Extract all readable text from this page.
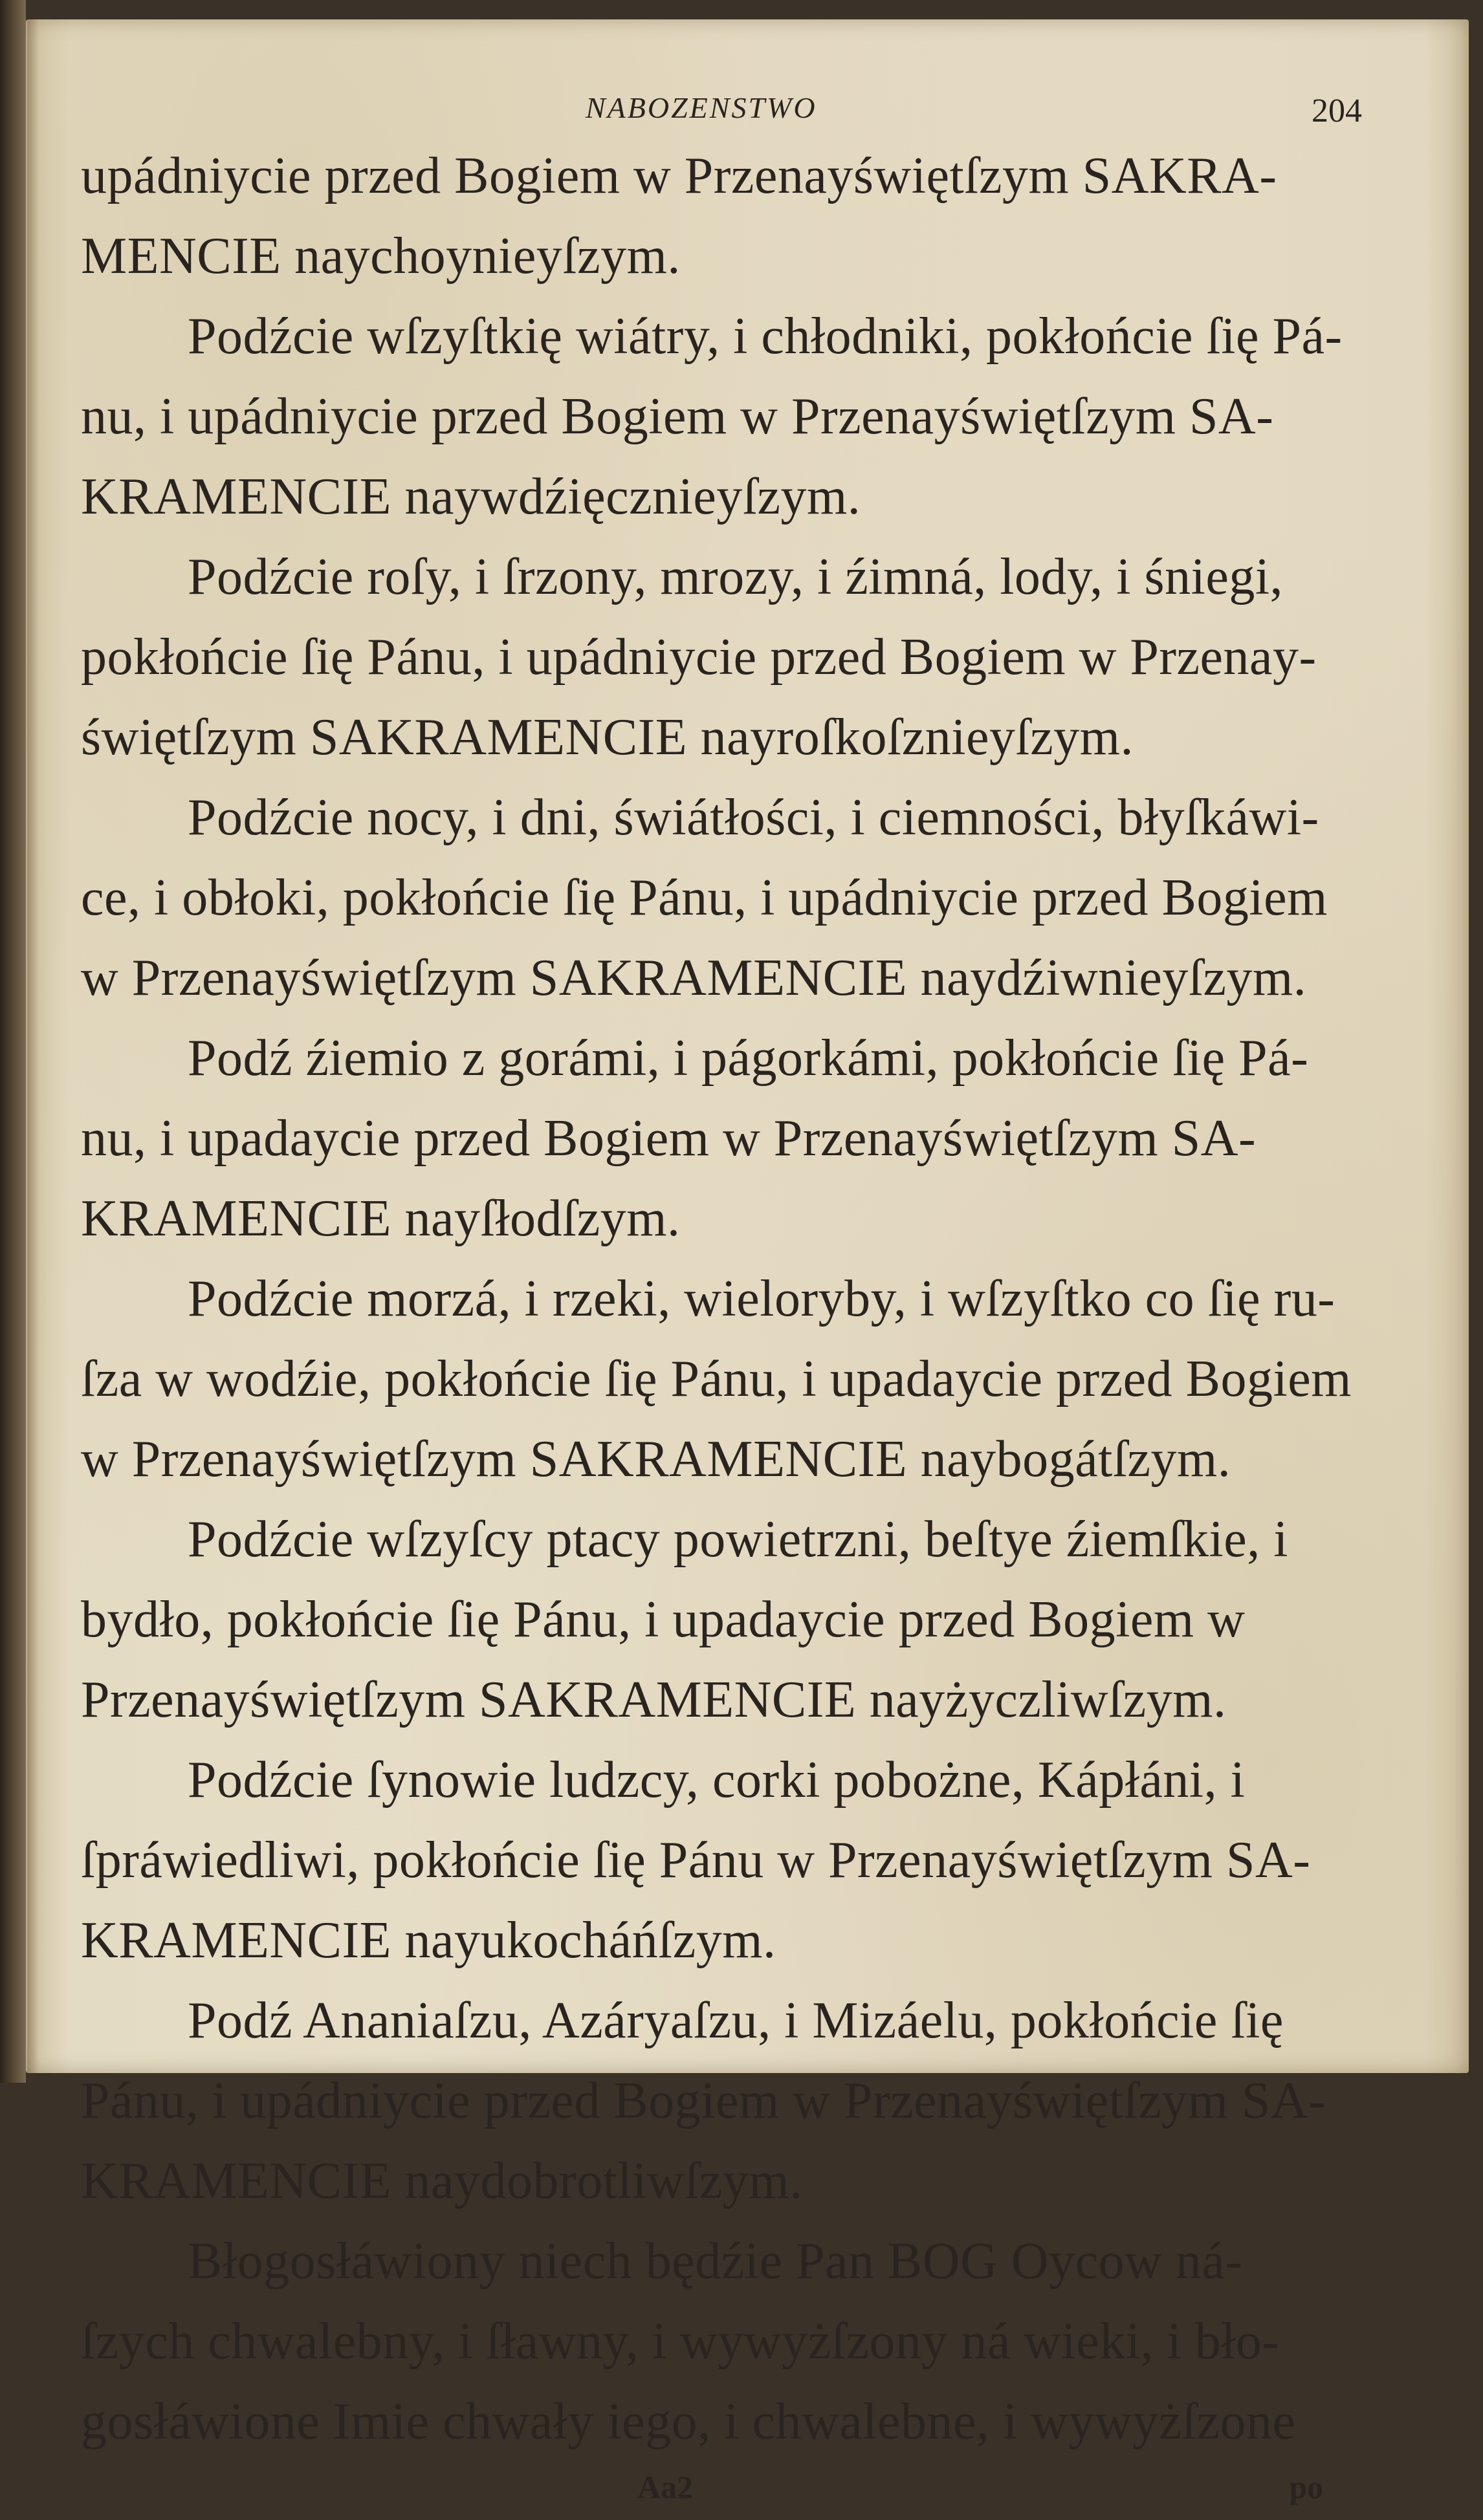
NABOZENSTWO	204
upádniycie przed Bogiem w Przenayświętſzym SAKRA-
MENCIE naychoynieyſzym.
Podźcie wſzyſtkię wiátry, i chłodniki, pokłońcie ſię Pá-
nu, i upádniycie przed Bogiem w Przenayświętſzym SA-
KRAMENCIE naywdźięcznieyſzym.
Podźcie roſy, i ſrzony, mrozy, i źimná, lody, i śniegi,
pokłońcie ſię Pánu, i upádniycie przed Bogiem w Przenay-
świętſzym SAKRAMENCIE nayroſkoſznieyſzym.
Podźcie nocy, i dni, świátłości, i ciemności, błyſkáwi-
ce, i obłoki, pokłońcie ſię Pánu, i upádniycie przed Bogiem
w Przenayświętſzym SAKRAMENCIE naydźiwnieyſzym.
Podź źiemio z gorámi, i págorkámi, pokłońcie ſię Pá-
nu, i upadaycie przed Bogiem w Przenayświętſzym SA-
KRAMENCIE nayſłodſzym.
Podźcie morzá, i rzeki, wieloryby, i wſzyſtko co ſię ru-
ſza w wodźie, pokłońcie ſię Pánu, i upadaycie przed Bogiem
w Przenayświętſzym SAKRAMENCIE naybogátſzym.
Podźcie wſzyſcy ptacy powietrzni, beſtye źiemſkie, i
bydło, pokłońcie ſię Pánu, i upadaycie przed Bogiem w
Przenayświętſzym SAKRAMENCIE nayżyczliwſzym.
Podźcie ſynowie ludzcy, corki pobożne, Kápłáni, i
ſpráwiedliwi, pokłońcie ſię Pánu w Przenayświętſzym SA-
KRAMENCIE nayukocháńſzym.
Podź Ananiaſzu, Azáryaſzu, i Mizáelu, pokłońcie ſię
Pánu, i upádniycie przed Bogiem w Przenayświętſzym SA-
KRAMENCIE naydobrotliwſzym.
Błogosłáwiony niech będźie Pan BOG Oycow ná-
ſzych chwalebny, i ſławny, i wywyżſzony ná wieki, i bło-
gosłáwione Imie chwały iego, i chwalebne, i wywyżſzone
Aa2	po
